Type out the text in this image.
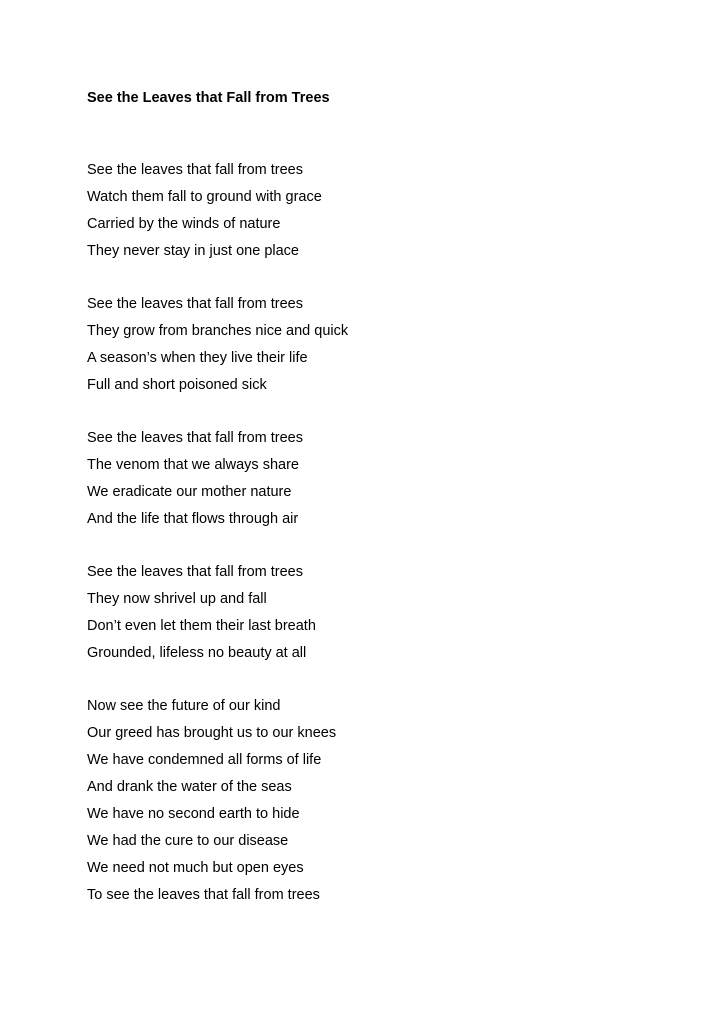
See the Leaves that Fall from Trees
See the leaves that fall from trees
Watch them fall to ground with grace
Carried by the winds of nature
They never stay in just one place
See the leaves that fall from trees
They grow from branches nice and quick
A season’s when they live their life
Full and short poisoned sick
See the leaves that fall from trees
The venom that we always share
We eradicate our mother nature
And the life that flows through air
See the leaves that fall from trees
They now shrivel up and fall
Don’t even let them their last breath
Grounded, lifeless no beauty at all
Now see the future of our kind
Our greed has brought us to our knees
We have condemned all forms of life
And drank the water of the seas
We have no second earth to hide
We had the cure to our disease
We need not much but open eyes
To see the leaves that fall from trees
